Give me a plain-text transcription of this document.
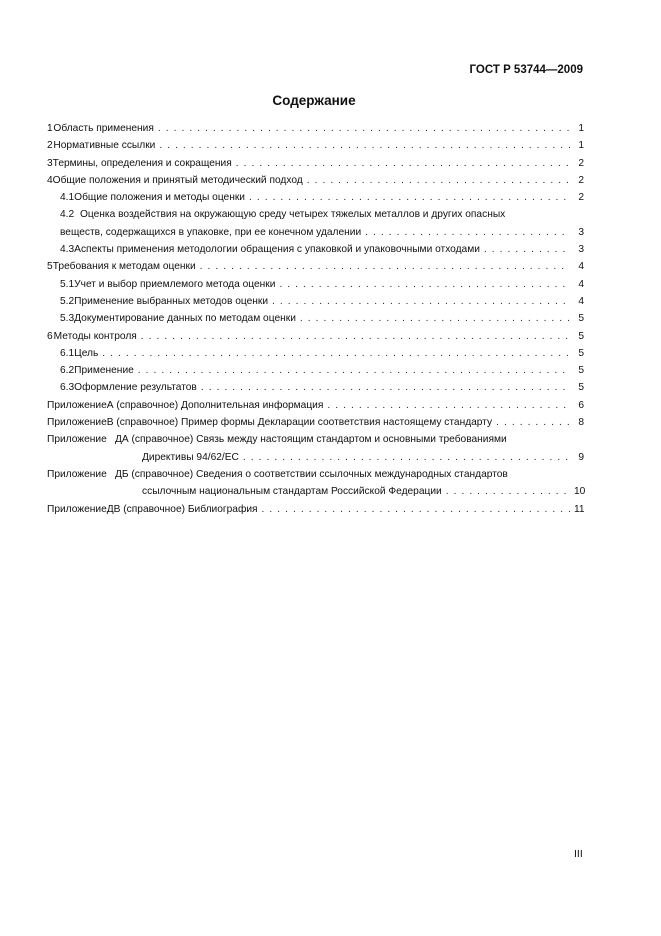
ГОСТ Р 53744—2009
Содержание
1 Область применения . . .	1
2 Нормативные ссылки . . .	1
3 Термины, определения и сокращения . . .	2
4 Общие положения и принятый методический подход . . .	2
4.1 Общие положения и методы оценки . . .	2
4.2 Оценка воздействия на окружающую среду четырех тяжелых металлов и других опасных
веществ, содержащихся в упаковке, при ее конечном удалении . . .	3
4.3 Аспекты применения методологии обращения с упаковкой и упаковочными отходами . . .	3
5 Требования к методам оценки . . .	4
5.1 Учет и выбор приемлемого метода оценки . . .	4
5.2 Применение выбранных методов оценки . . .	4
5.3 Документирование данных по методам оценки . . .	5
6 Методы контроля . . .	5
6.1 Цель . . .	5
6.2 Применение . . .	5
6.3 Оформление результатов . . .	5
Приложение А (справочное) Дополнительная информация . . .	6
Приложение В (справочное) Пример формы Декларации соответствия настоящему стандарту . . .	8
Приложение ДА (справочное) Связь между настоящим стандартом и основными требованиями
Директивы 94/62/ЕС . . .	9
Приложение ДБ (справочное) Сведения о соответствии ссылочных международных стандартов
ссылочным национальным стандартам Российской Федерации . . .	10
Приложение ДВ (справочное) Библиография . . .	11
III
